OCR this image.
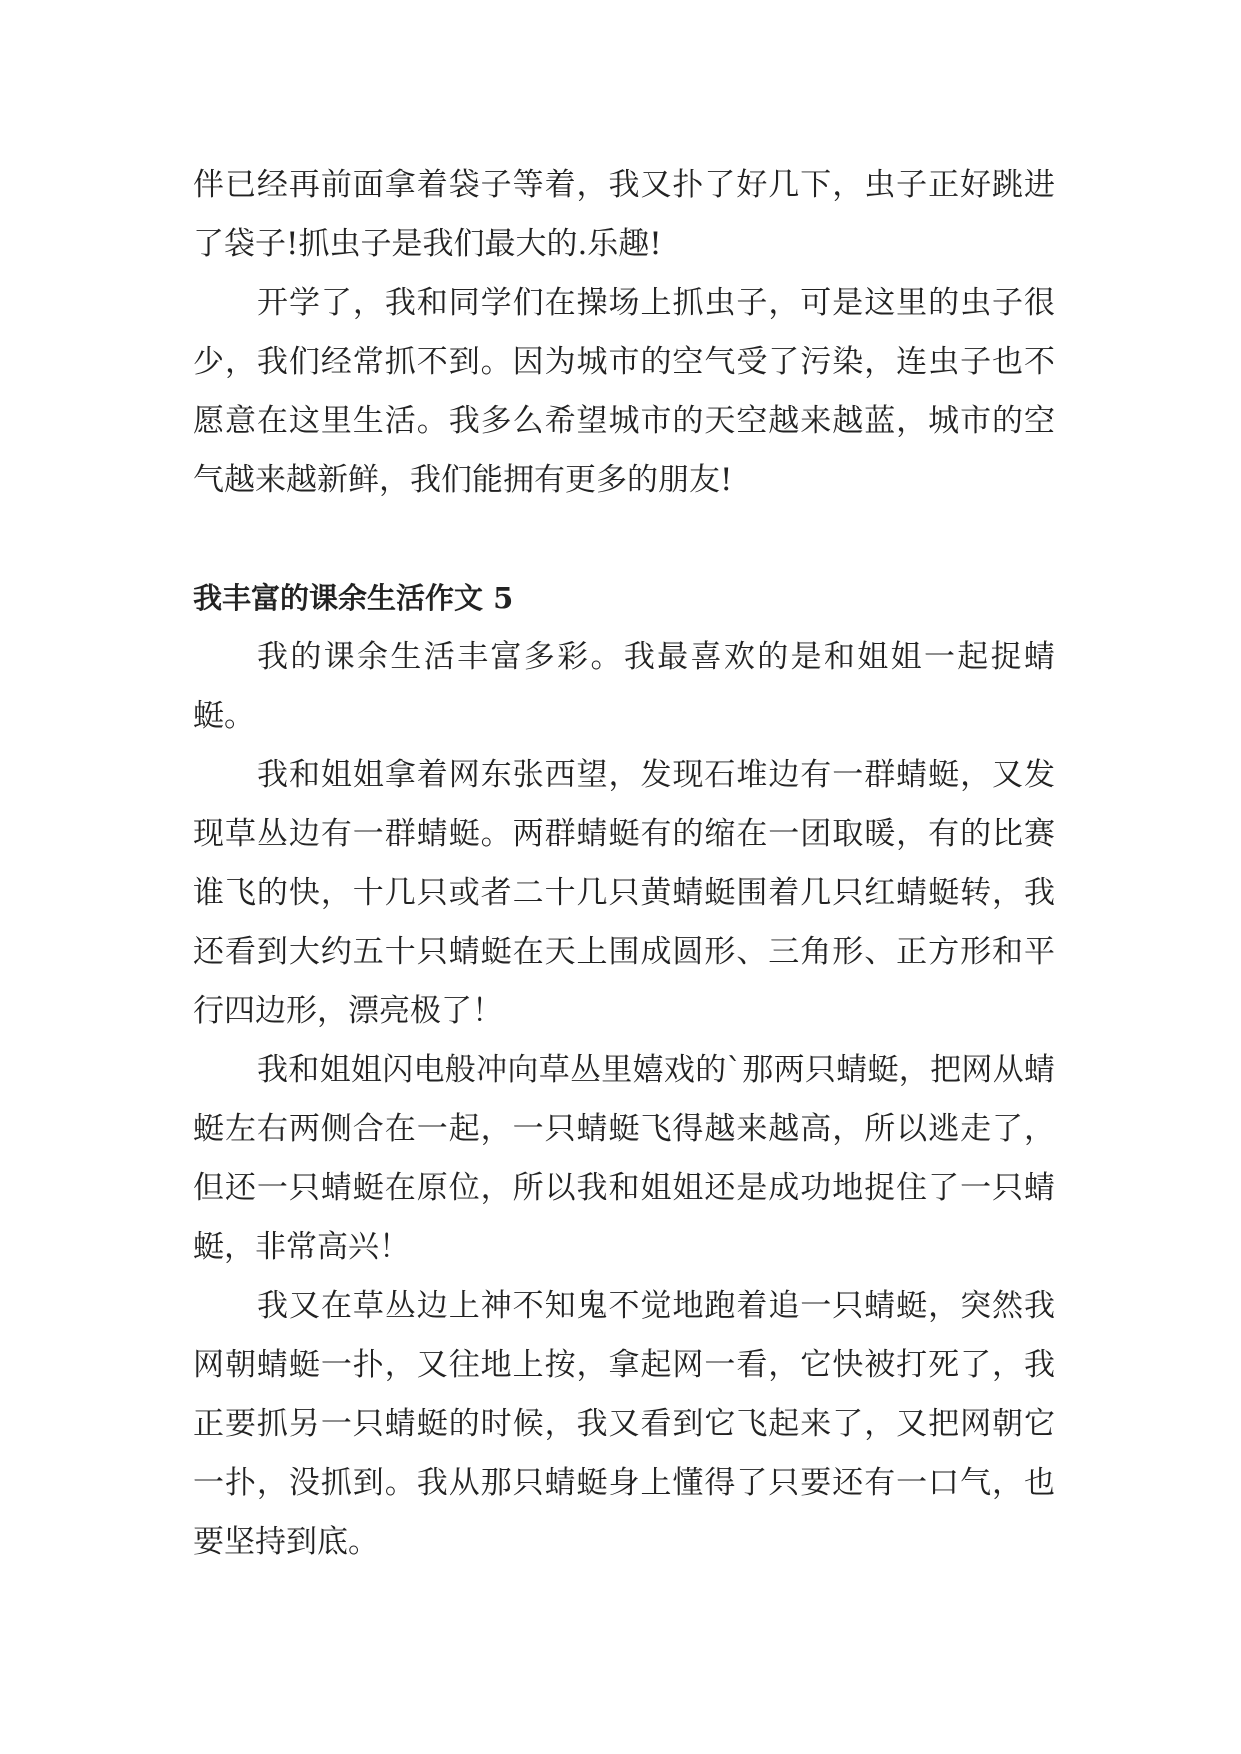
伴已经再前面拿着袋子等着，我又扑了好几下，虫子正好跳进了袋子!抓虫子是我们最大的.乐趣!

开学了，我和同学们在操场上抓虫子，可是这里的虫子很少，我们经常抓不到。因为城市的空气受了污染，连虫子也不愿意在这里生活。我多么希望城市的天空越来越蓝，城市的空气越来越新鲜，我们能拥有更多的朋友!

我丰富的课余生活作文 5

我的课余生活丰富多彩。我最喜欢的是和姐姐一起捉蜻蜓。

我和姐姐拿着网东张西望，发现石堆边有一群蜻蜓，又发现草丛边有一群蜻蜓。两群蜻蜓有的缩在一团取暖，有的比赛谁飞的快，十几只或者二十几只黄蜻蜓围着几只红蜻蜓转，我还看到大约五十只蜻蜓在天上围成圆形、三角形、正方形和平行四边形，漂亮极了！

我和姐姐闪电般冲向草丛里嬉戏的`那两只蜻蜓，把网从蜻蜓左右两侧合在一起，一只蜻蜓飞得越来越高，所以逃走了，但还一只蜻蜓在原位，所以我和姐姐还是成功地捉住了一只蜻蜓，非常高兴！

我又在草丛边上神不知鬼不觉地跑着追一只蜻蜓，突然我网朝蜻蜓一扑，又往地上按，拿起网一看，它快被打死了，我正要抓另一只蜻蜓的时候，我又看到它飞起来了，又把网朝它一扑，没抓到。我从那只蜻蜓身上懂得了只要还有一口气，也要坚持到底。
